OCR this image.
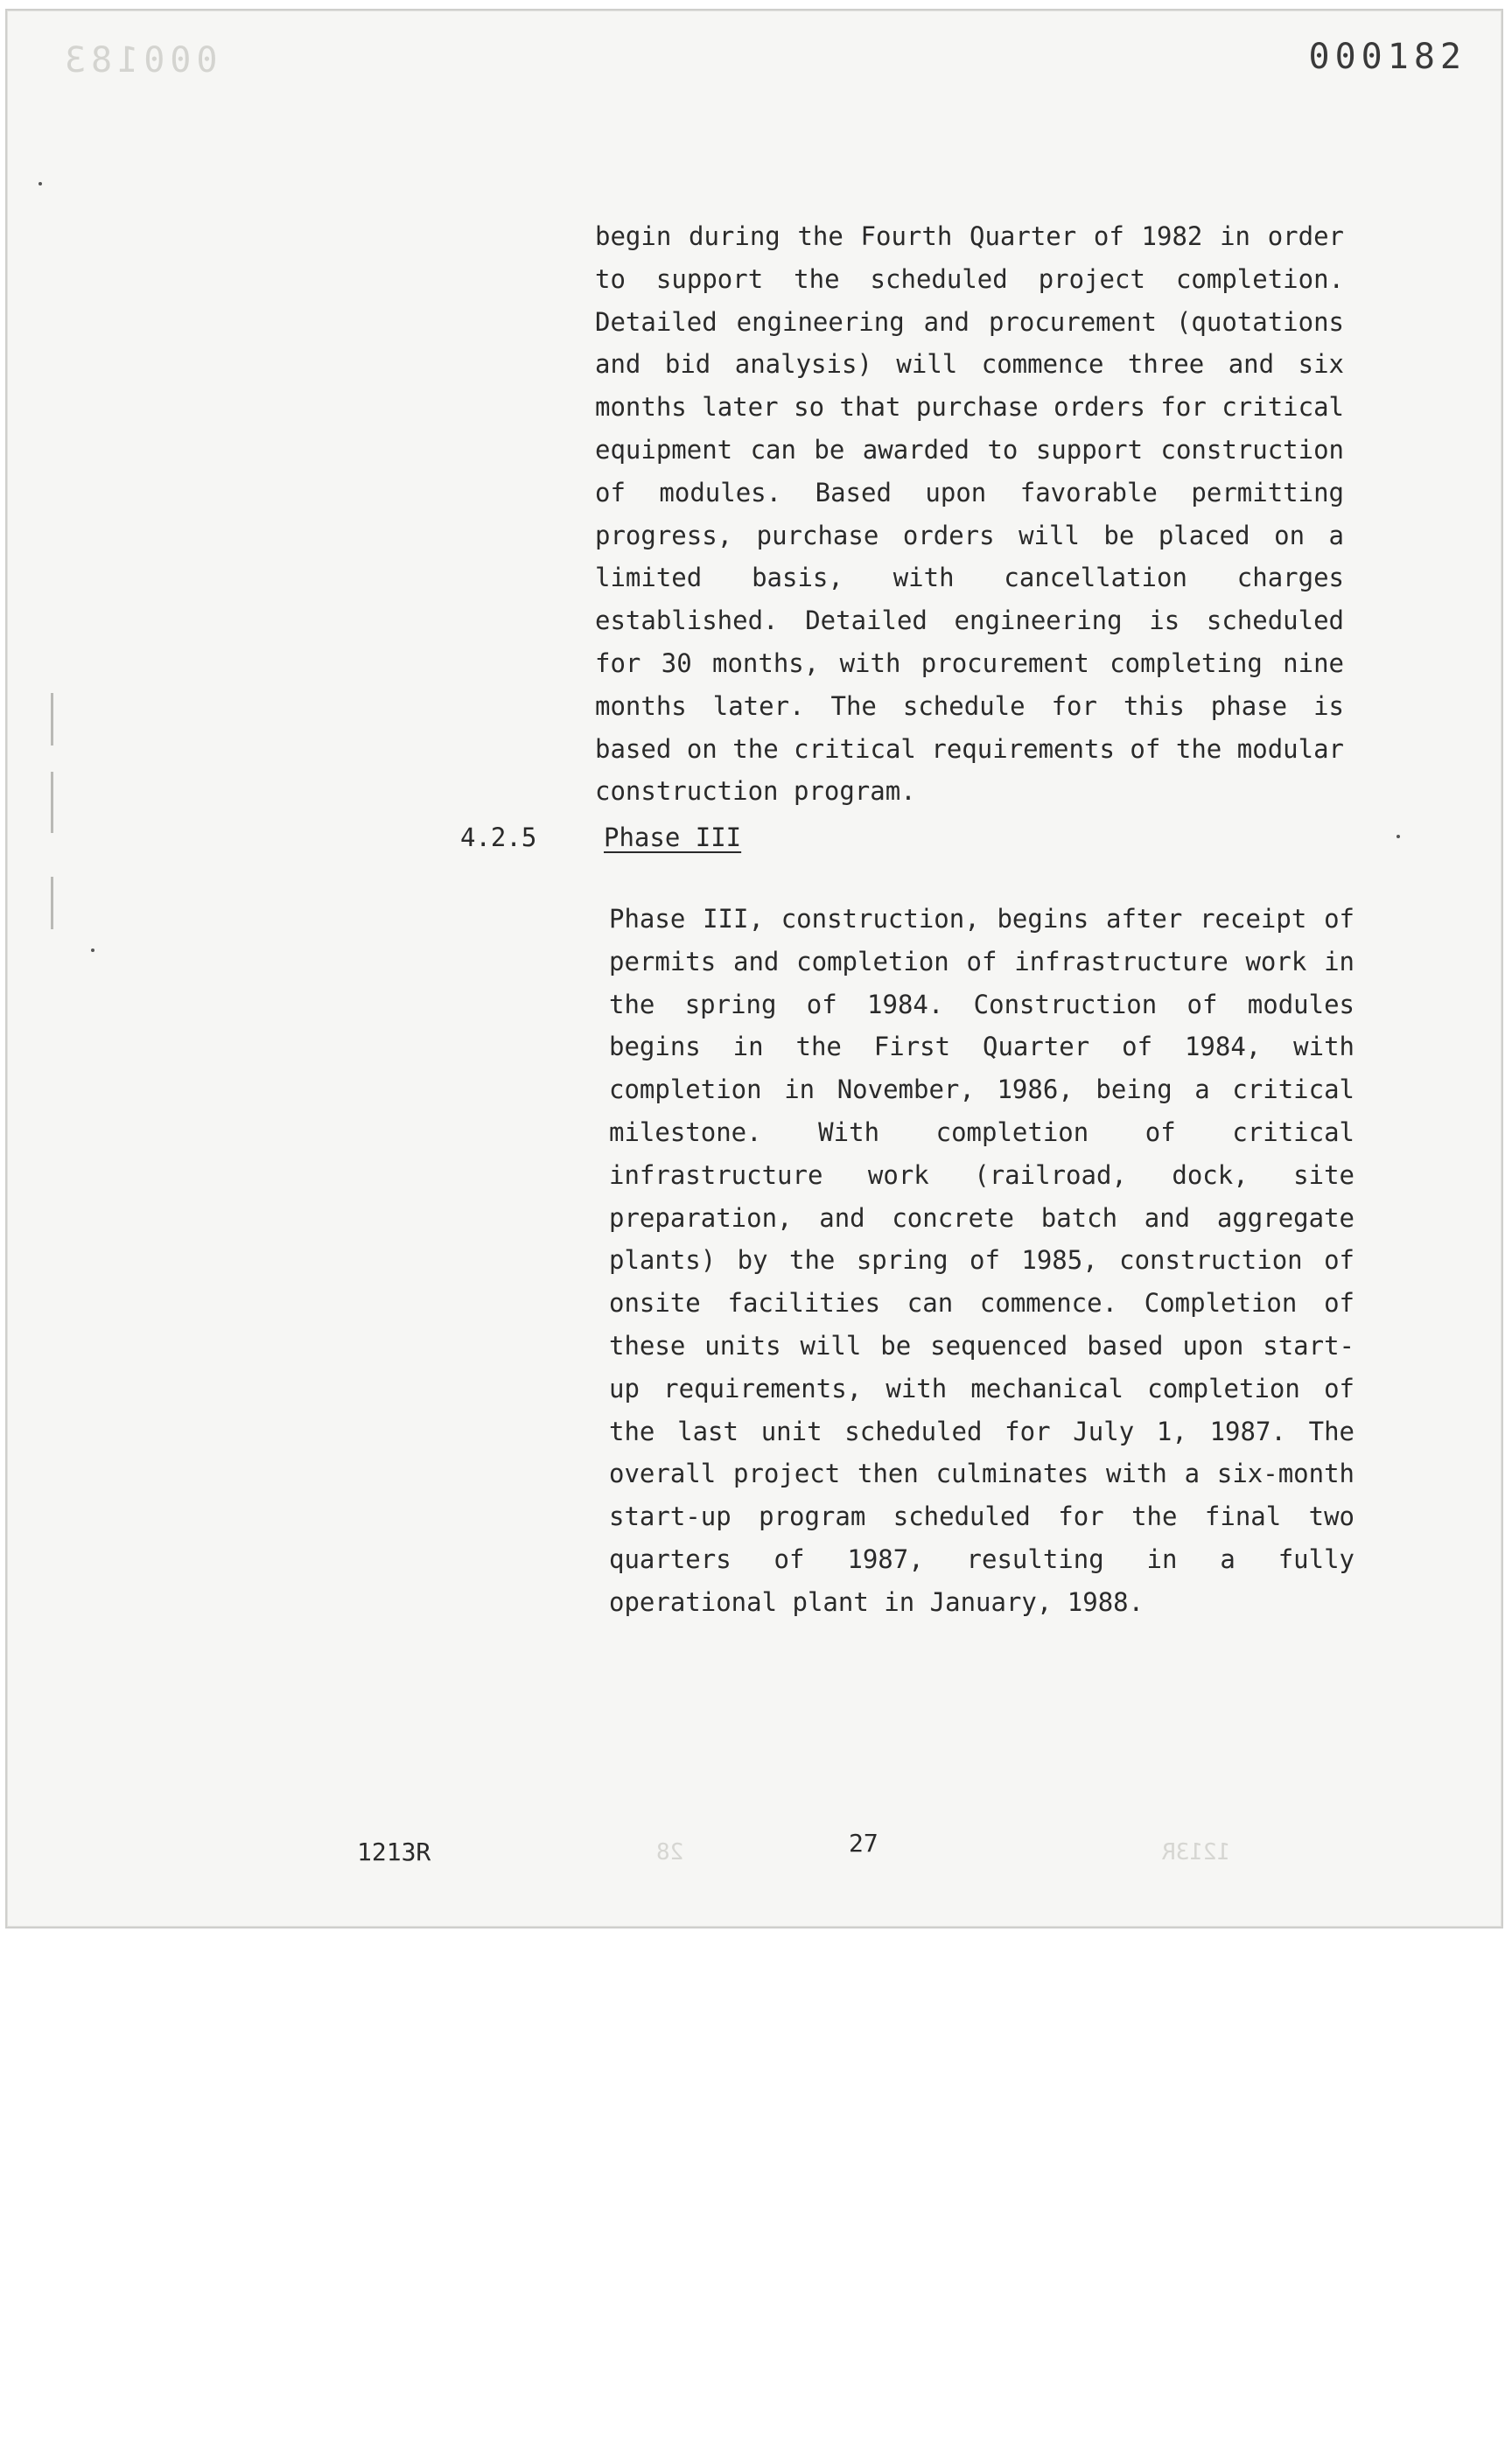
000183
1213R
28
000182
begin during the Fourth Quarter of 1982 in order to support the scheduled project completion. Detailed engineering and procurement (quotations and bid analysis) will commence three and six months later so that purchase orders for critical equipment can be awarded to support construction of modules. Based upon favorable permitting progress, purchase orders will be placed on a limited basis, with cancellation charges established. Detailed engineering is scheduled for 30 months, with procurement completing nine months later. The schedule for this phase is based on the critical requirements of the modular construction program.
4.2.5	Phase III
Phase III, construction, begins after receipt of permits and completion of infrastructure work in the spring of 1984. Construction of modules begins in the First Quarter of 1984, with completion in November, 1986, being a critical milestone. With completion of critical infrastructure work (railroad, dock, site preparation, and concrete batch and aggregate plants) by the spring of 1985, construction of onsite facilities can commence. Completion of these units will be sequenced based upon start-up requirements, with mechanical completion of the last unit scheduled for July 1, 1987. The overall project then culminates with a six-month start-up program scheduled for the final two quarters of 1987, resulting in a fully operational plant in January, 1988.
1213R	27
